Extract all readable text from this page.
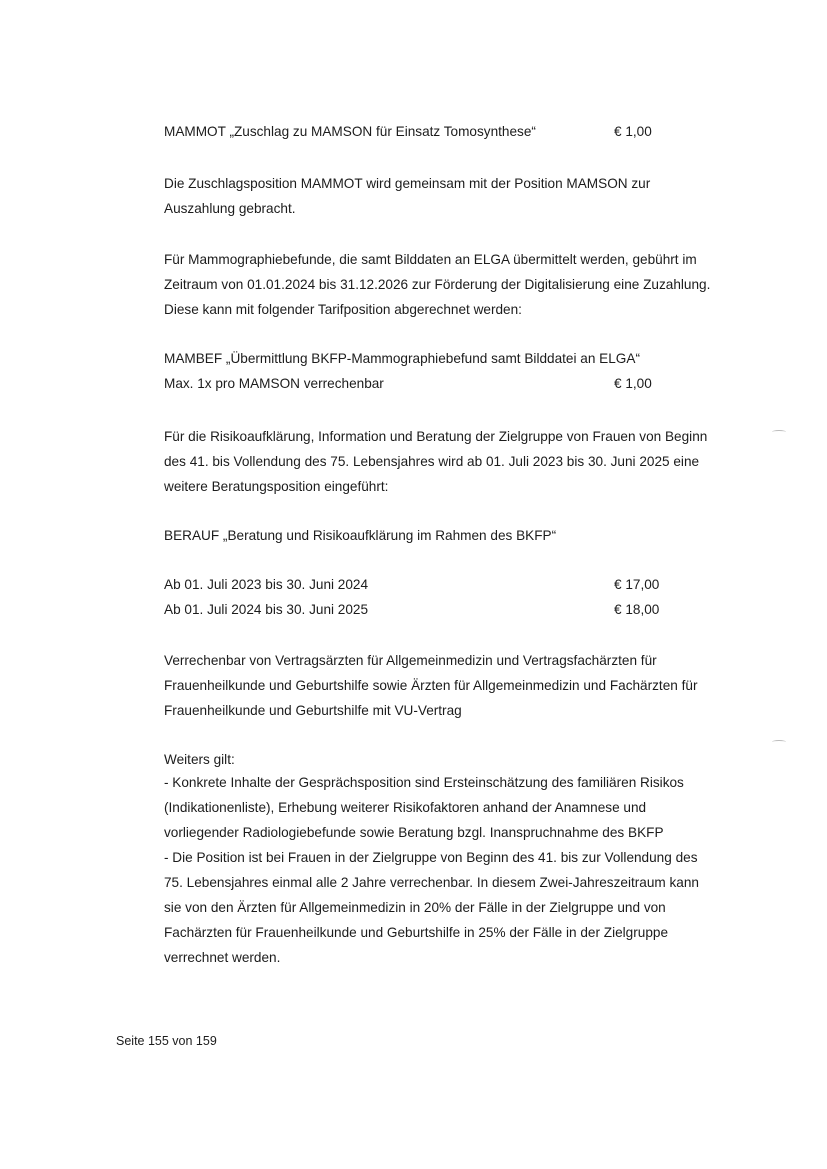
MAMMOT „Zuschlag zu MAMSON für Einsatz Tomosynthese“	€ 1,00
Die Zuschlagsposition MAMMOT wird gemeinsam mit der Position MAMSON zur
Auszahlung gebracht.
Für Mammographiebefunde, die samt Bilddaten an ELGA übermittelt werden, gebührt im
Zeitraum von 01.01.2024 bis 31.12.2026 zur Förderung der Digitalisierung eine Zuzahlung.
Diese kann mit folgender Tarifposition abgerechnet werden:
MAMBEF „Übermittlung BKFP-Mammographiebefund samt Bilddatei an ELGA“
Max. 1x pro MAMSON verrechenbar	€ 1,00
Für die Risikoaufklärung, Information und Beratung der Zielgruppe von Frauen von Beginn
des 41. bis Vollendung des 75. Lebensjahres wird ab 01. Juli 2023 bis 30. Juni 2025 eine
weitere Beratungsposition eingeführt:
BERAUF „Beratung und Risikoaufklärung im Rahmen des BKFP“
Ab 01. Juli 2023 bis 30. Juni 2024	€ 17,00
Ab 01. Juli 2024 bis 30. Juni 2025	€ 18,00
Verrechenbar von Vertragsärzten für Allgemeinmedizin und Vertragsfachärzten für
Frauenheilkunde und Geburtshilfe sowie Ärzten für Allgemeinmedizin und Fachärzten für
Frauenheilkunde und Geburtshilfe mit VU-Vertrag
Weiters gilt:
- Konkrete Inhalte der Gesprächsposition sind Ersteinschätzung des familiären Risikos
(Indikationenliste), Erhebung weiterer Risikofaktoren anhand der Anamnese und
vorliegender Radiologiebefunde sowie Beratung bzgl. Inanspruchnahme des BKFP
- Die Position ist bei Frauen in der Zielgruppe von Beginn des 41. bis zur Vollendung des
75. Lebensjahres einmal alle 2 Jahre verrechenbar. In diesem Zwei-Jahreszeitraum kann
sie von den Ärzten für Allgemeinmedizin in 20% der Fälle in der Zielgruppe und von
Fachärzten für Frauenheilkunde und Geburtshilfe in 25% der Fälle in der Zielgruppe
verrechnet werden.
Seite 155 von 159
